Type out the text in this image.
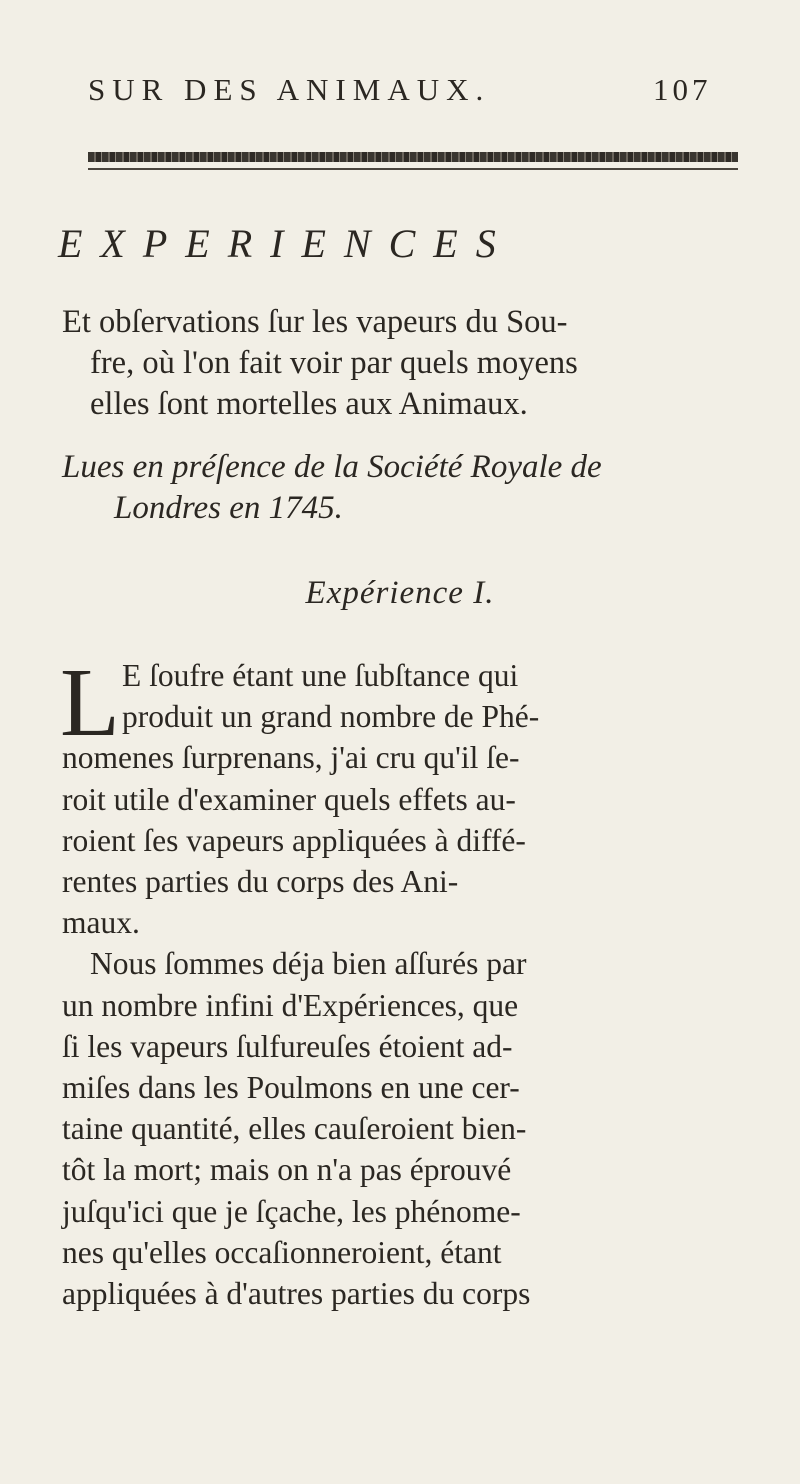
SUR DES ANIMAUX.	107
EXPERIENCES

Et obſervations ſur les vapeurs du Sou-

fre, où l'on fait voir par quels moyens

elles ſont mortelles aux Animaux.

Lues en préſence de la Société Royale de

Londres en 1745.

Expérience I.
L E ſoufre étant une ſubſtance qui

produit un grand nombre de Phé-

nomenes ſurprenans, j'ai cru qu'il ſe-

roit utile d'examiner quels effets au-

roient ſes vapeurs appliquées à diffé-

rentes parties du corps des Ani-

maux.

Nous ſommes déja bien aſſurés par

un nombre infini d'Expériences, que

ſi les vapeurs ſulfureuſes étoient ad-

miſes dans les Poulmons en une cer-

taine quantité, elles cauſeroient bien-

tôt la mort; mais on n'a pas éprouvé

juſqu'ici que je ſçache, les phénome-

nes qu'elles occaſionneroient, étant

appliquées à d'autres parties du corps
